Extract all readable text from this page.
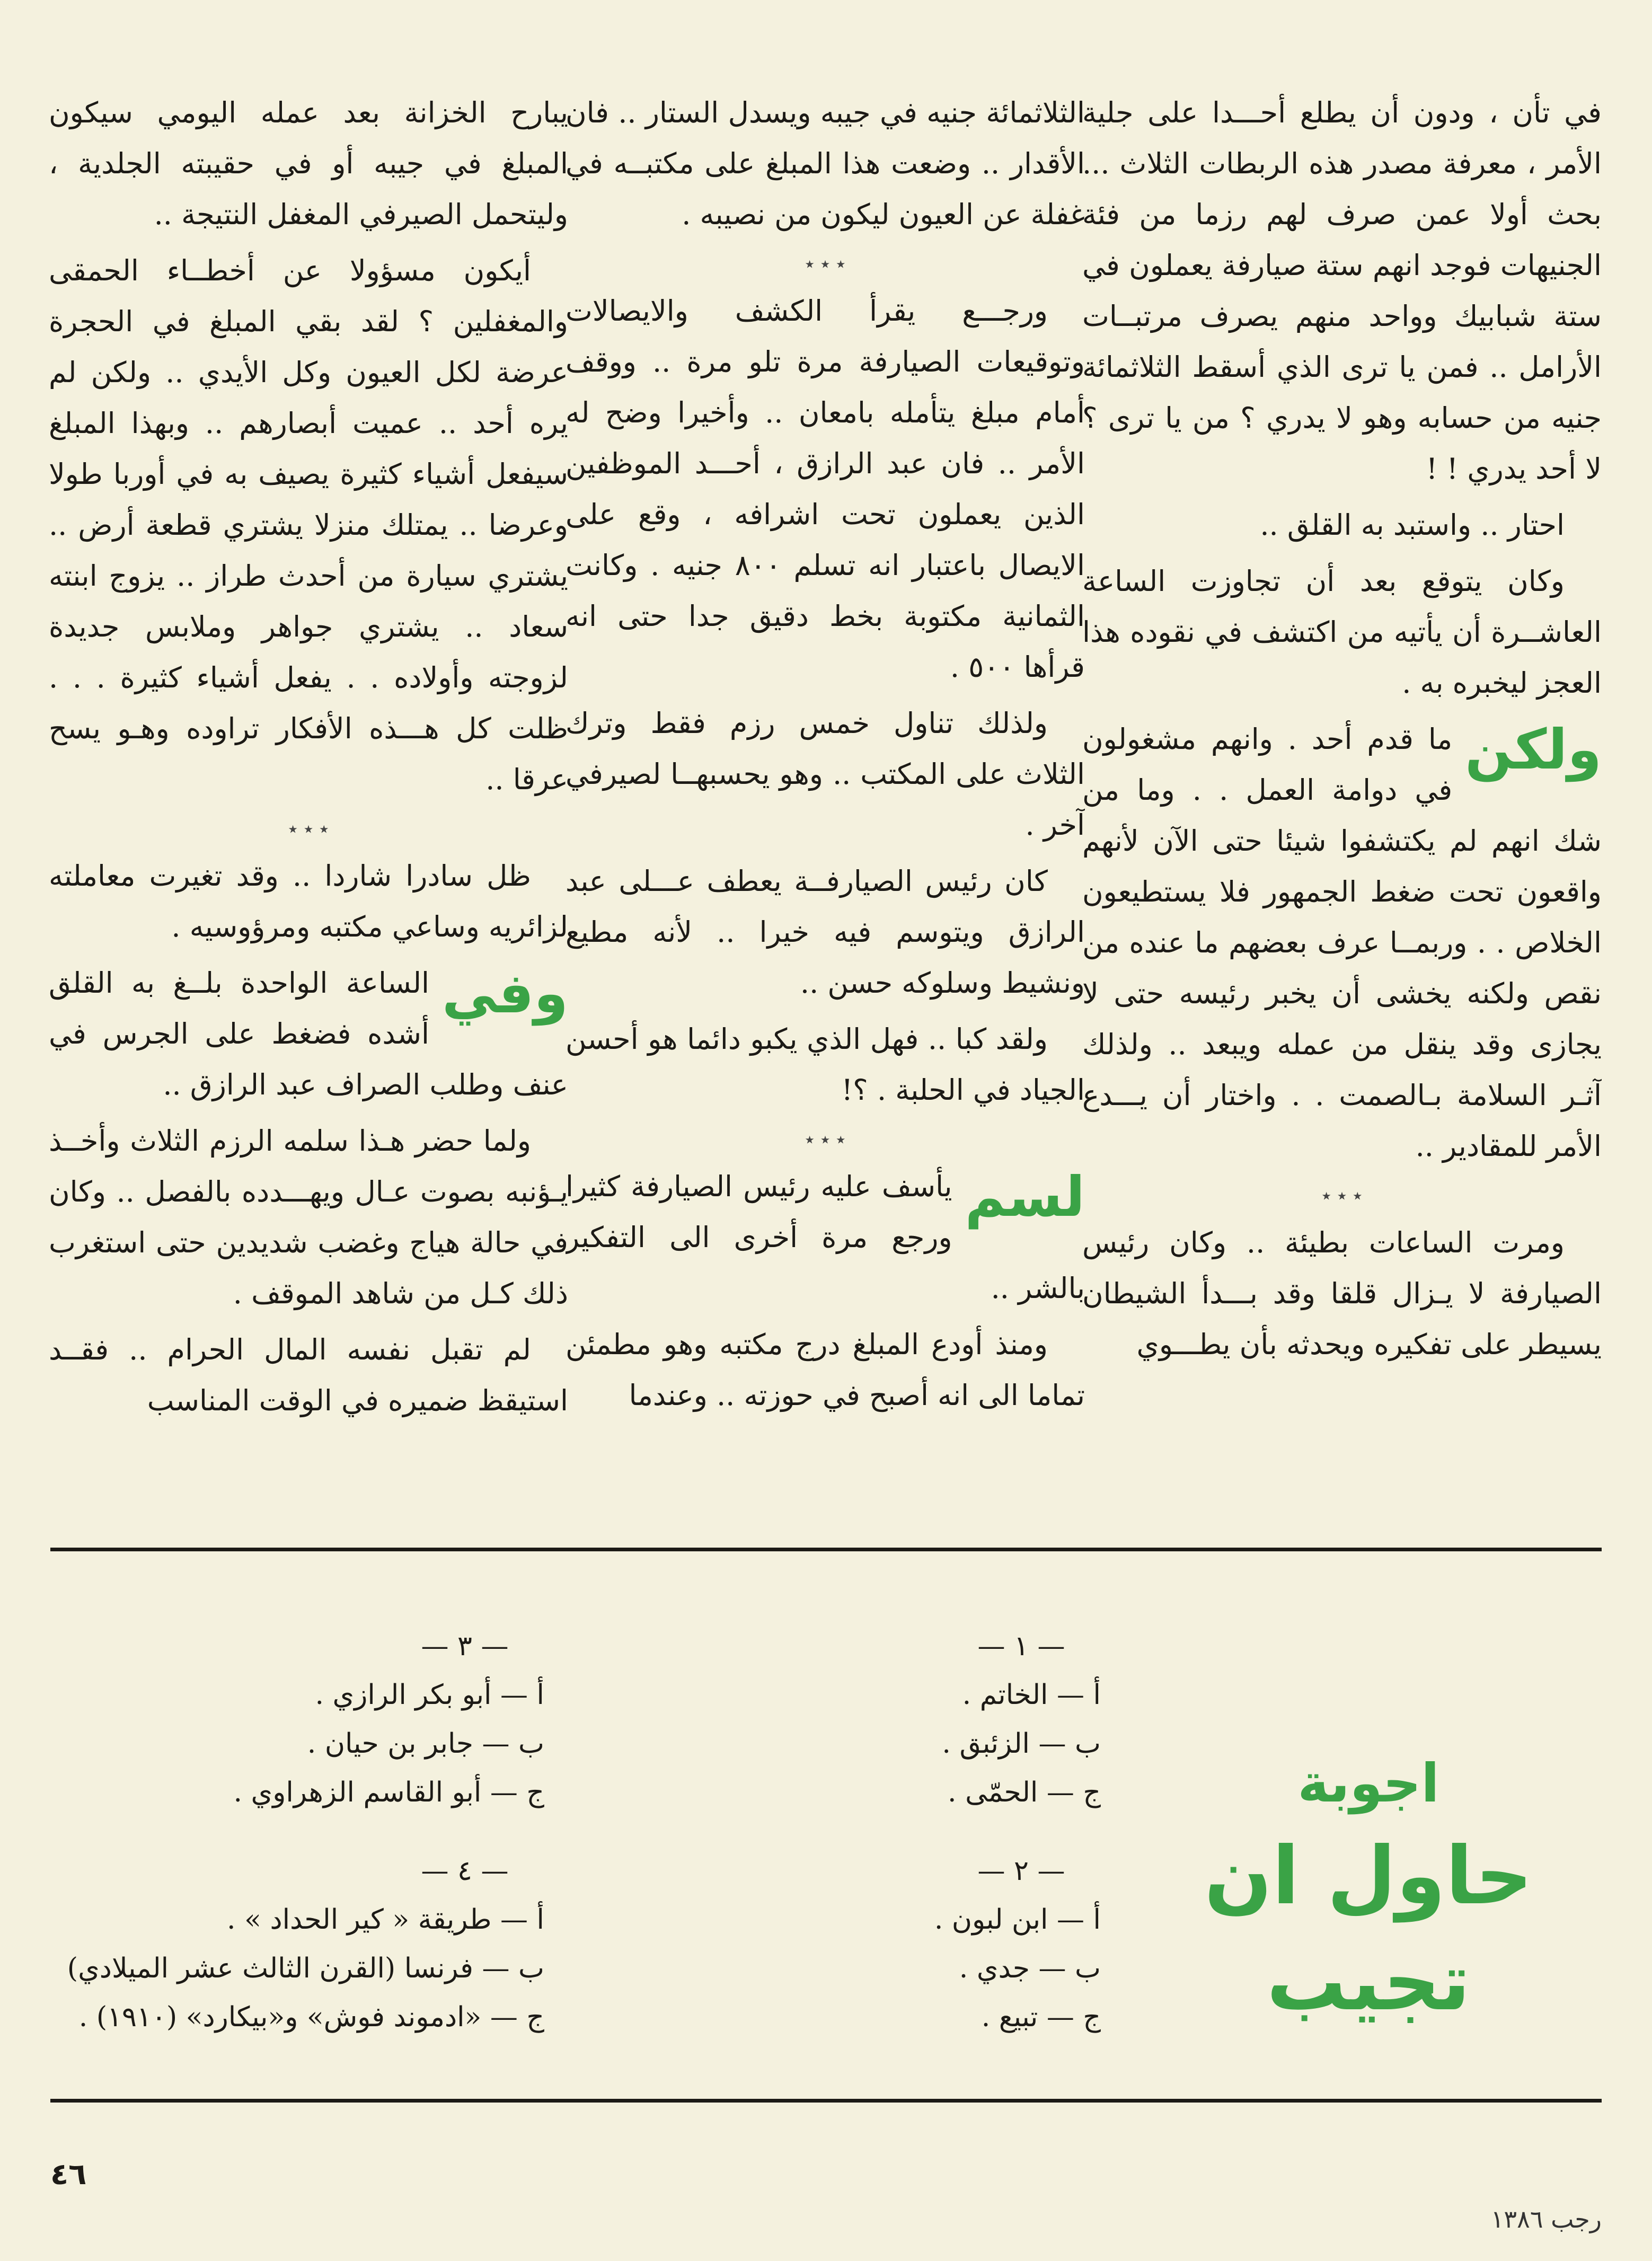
في تأن ، ودون أن يطلع أحـــدا على جلية الأمر ، معرفة مصدر هذه الربطات الثلاث ... بحث أولا عمن صرف لهم رزما من فئة الجنيهات فوجد انهم ستة صيارفة يعملون في ستة شبابيك وواحد منهم يصرف مرتبــات الأرامل .. فمن يا ترى الذي أسقط الثلاثمائة جنيه من حسابه وهو لا يدري ؟ من يا ترى ؟ لا أحد يدري ! !

احتار .. واستبد به القلق ..

وكان يتوقع بعد أن تجاوزت الساعة العاشــرة أن يأتيه من اكتشف في نقوده هذا العجز ليخبره به .

ولكن
ما قدم أحد . وانهم مشغولون في دوامة العمل . . وما من شك انهم لم يكتشفوا شيئا حتى الآن لأنهم واقعون تحت ضغط الجمهور فلا يستطيعون الخلاص . . وربمــا عرف بعضهم ما عنده من نقص ولكنه يخشى أن يخبر رئيسه حتى لا يجازى وقد ينقل من عمله ويبعد .. ولذلك آثـر السلامة بـالصمت . . واختار أن يـــدع الأمر للمقادير ..

٭ ٭ ٭

ومرت الساعات بطيئة .. وكان رئيس الصيارفة لا يـزال قلقا وقد بـــدأ الشيطان يسيطر على تفكيره ويحدثه بأن يطـــوي

الثلاثمائة جنيه في جيبه ويسدل الستار .. فان الأقدار .. وضعت هذا المبلغ على مكتبــه في غفلة عن العيون ليكون من نصيبه .

٭ ٭ ٭

ورجـــع يقرأ الكشف والايصالات وتوقيعات الصيارفة مرة تلو مرة .. ووقف أمام مبلغ يتأمله بامعان .. وأخيرا وضح له الأمر .. فان عبد الرازق ، أحـــد الموظفين الذين يعملون تحت اشرافه ، وقع على الايصال باعتبار انه تسلم ٨٠٠ جنيه . وكانت الثمانية مكتوبة بخط دقيق جدا حتى انه قرأها ٥٠٠ .

ولذلك تناول خمس رزم فقط وترك الثلاث على المكتب .. وهو يحسبهــا لصيرفي آخر .

كان رئيس الصيارفــة يعطف عـــلى عبد الرازق ويتوسم فيه خيرا .. لأنه مطيع ونشيط وسلوكه حسن ..

ولقد كبا .. فهل الذي يكبو دائما هو أحسن الجياد في الحلبة . ؟!

٭ ٭ ٭

لسم
يأسف عليه رئيس الصيارفة كثيرا ورجع مرة أخرى الى التفكير بالشر ..

ومنذ أودع المبلغ درج مكتبه وهو مطمئن تماما الى انه أصبح في حوزته .. وعندما

يبارح الخزانة بعد عمله اليومي سيكون المبلغ في جيبه أو في حقيبته الجلدية ، وليتحمل الصيرفي المغفل النتيجة ..

أيكون مسؤولا عن أخطــاء الحمقى والمغفلين ؟ لقد بقي المبلغ في الحجرة عرضة لكل العيون وكل الأيدي .. ولكن لم يره أحد .. عميت أبصارهم .. وبهذا المبلغ سيفعل أشياء كثيرة يصيف به في أوربا طولا وعرضا .. يمتلك منزلا يشتري قطعة أرض .. يشتري سيارة من أحدث طراز .. يزوج ابنته سعاد .. يشتري جواهر وملابس جديدة لزوجته وأولاده . . يفعل أشياء كثيرة . . . ظلت كل هـــذه الأفكار تراوده وهـو يسح عرقا ..

٭ ٭ ٭

ظل سادرا شاردا .. وقد تغيرت معاملته لزائريه وساعي مكتبه ومرؤوسيه .

وفي
الساعة الواحدة بلــغ به القلق أشده فضغط على الجرس في عنف وطلب الصراف عبد الرازق ..

ولما حضر هـذا سلمه الرزم الثلاث وأخــذ يـؤنبه بصوت عـال ويهـــدده بالفصل .. وكان في حالة هياج وغضب شديدين حتى استغرب ذلك كـل من شاهد الموقف .

لم تقبل نفسه المال الحرام .. فقــد استيقظ ضميره في الوقت المناسب

اجوبة
حاول ان تجيب
— ١ —
أ — الخاتم .
ب — الزئبق .
ج — الحمّى .
— ٢ —
أ — ابن لبون .
ب — جدي .
ج — تبيع .
— ٣ —
أ — أبو بكر الرازي .
ب — جابر بن حيان .
ج — أبو القاسم الزهراوي .
— ٤ —
أ — طريقة « كير الحداد » .
ب — فرنسا (القرن الثالث عشر الميلادي)
ج — «ادموند فوش» و«بيكارد» (١٩١٠) .
٤٦
رجب ١٣٨٦
